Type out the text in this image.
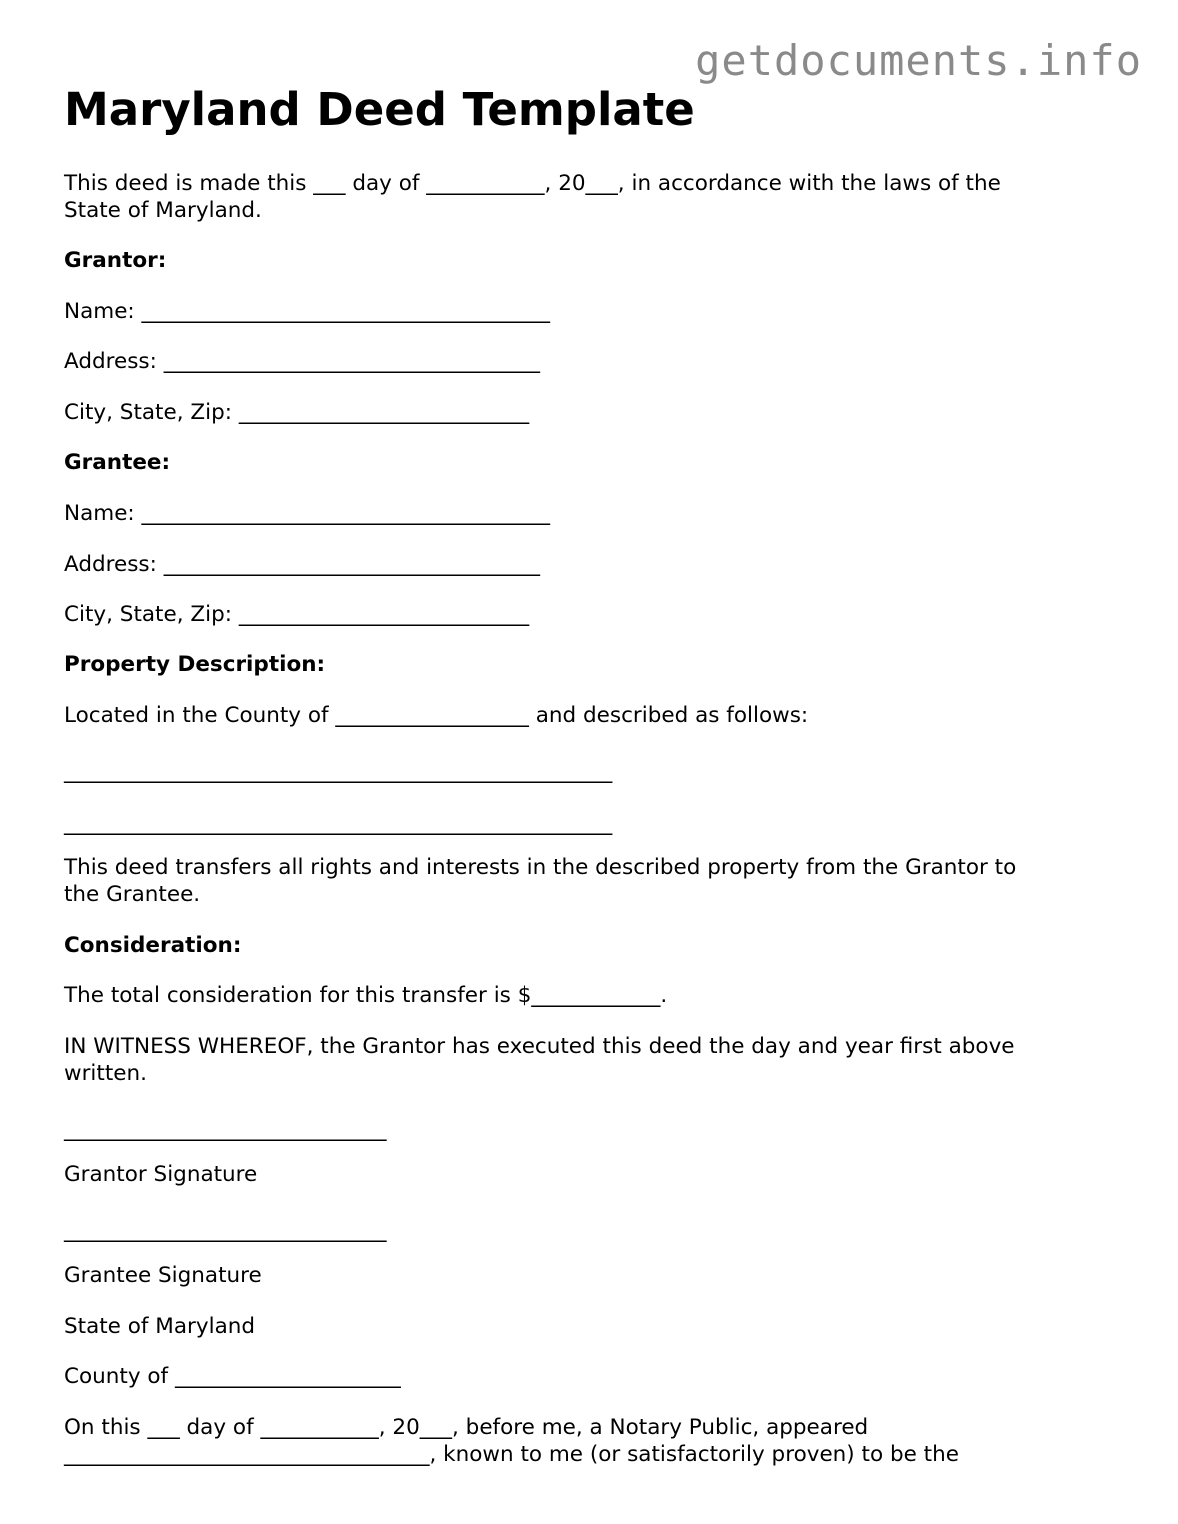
getdocuments.info
Maryland Deed Template
This deed is made this ___ day of ___________, 20___, in accordance with the laws of the
State of Maryland.
Grantor:
Name: ______________________________________
Address: ___________________________________
City, State, Zip: ___________________________
Grantee:
Name: ______________________________________
Address: ___________________________________
City, State, Zip: ___________________________
Property Description:
Located in the County of __________________ and described as follows:
___________________________________________________
___________________________________________________
This deed transfers all rights and interests in the described property from the Grantor to
the Grantee.
Consideration:
The total consideration for this transfer is $____________.
IN WITNESS WHEREOF, the Grantor has executed this deed the day and year first above
written.
______________________________
Grantor Signature
______________________________
Grantee Signature
State of Maryland
County of _____________________
On this ___ day of ___________, 20___, before me, a Notary Public, appeared
__________________________________, known to me (or satisfactorily proven) to be the
